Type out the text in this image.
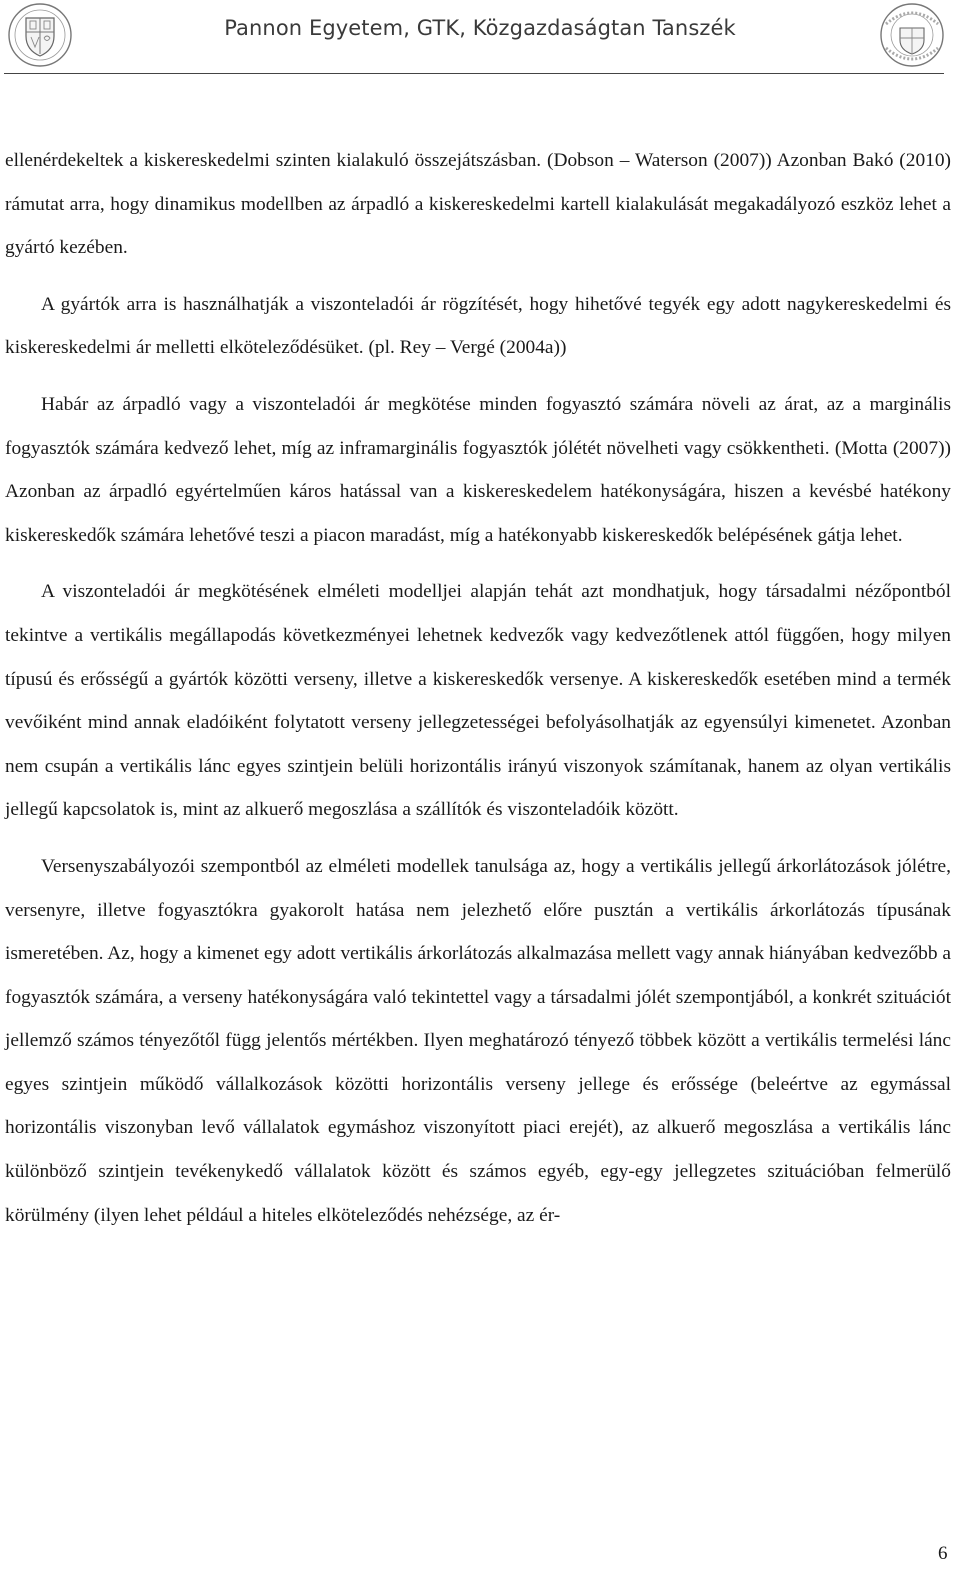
Pannon Egyetem, GTK, Közgazdaságtan Tanszék

ellenérdekeltek a kiskereskedelmi szinten kialakuló összejátszásban. (Dobson – Waterson (2007)) Azonban Bakó (2010) rámutat arra, hogy dinamikus modellben az árpadló a kiskereskedelmi kartell kialakulását megakadályozó eszköz lehet a gyártó kezében.

A gyártók arra is használhatják a viszonteladói ár rögzítését, hogy hihetővé tegyék egy adott nagykereskedelmi és kiskereskedelmi ár melletti elköteleződésüket. (pl. Rey – Vergé (2004a))

Habár az árpadló vagy a viszonteladói ár megkötése minden fogyasztó számára növeli az árat, az a marginális fogyasztók számára kedvező lehet, míg az inframarginális fogyasztók jólétét növelheti vagy csökkentheti. (Motta (2007)) Azonban az árpadló egyértelműen káros hatással van a kiskereskedelem hatékonyságára, hiszen a kevésbé hatékony kiskereskedők számára lehetővé teszi a piacon maradást, míg a hatékonyabb kiskereskedők belépésének gátja lehet.

A viszonteladói ár megkötésének elméleti modelljei alapján tehát azt mondhatjuk, hogy társadalmi nézőpontból tekintve a vertikális megállapodás következményei lehetnek kedvezők vagy kedvezőtlenek attól függően, hogy milyen típusú és erősségű a gyártók közötti verseny, illetve a kiskereskedők versenye. A kiskereskedők esetében mind a termék vevőiként mind annak eladóiként folytatott verseny jellegzetességei befolyásolhatják az egyensúlyi kimenetet. Azonban nem csupán a vertikális lánc egyes szintjein belüli horizontális irányú viszonyok számítanak, hanem az olyan vertikális jellegű kapcsolatok is, mint az alkuerő megoszlása a szállítók és viszonteladóik között.

Versenyszabályozói szempontból az elméleti modellek tanulsága az, hogy a vertikális jellegű árkorlátozások jólétre, versenyre, illetve fogyasztókra gyakorolt hatása nem jelezhető előre pusztán a vertikális árkorlátozás típusának ismeretében. Az, hogy a kimenet egy adott vertikális árkorlátozás alkalmazása mellett vagy annak hiányában kedvezőbb a fogyasztók számára, a verseny hatékonyságára való tekintettel vagy a társadalmi jólét szempontjából, a konkrét szituációt jellemző számos tényezőtől függ jelentős mértékben. Ilyen meghatározó tényező többek között a vertikális termelési lánc egyes szintjein működő vállalkozások közötti horizontális verseny jellege és erőssége (beleértve az egymással horizontális viszonyban levő vállalatok egymáshoz viszonyított piaci erejét), az alkuerő megoszlása a vertikális lánc különböző szintjein tevékenykedő vállalatok között és számos egyéb, egy-egy jellegzetes szituációban felmerülő körülmény (ilyen lehet például a hiteles elköteleződés nehézsége, az ér-

6
